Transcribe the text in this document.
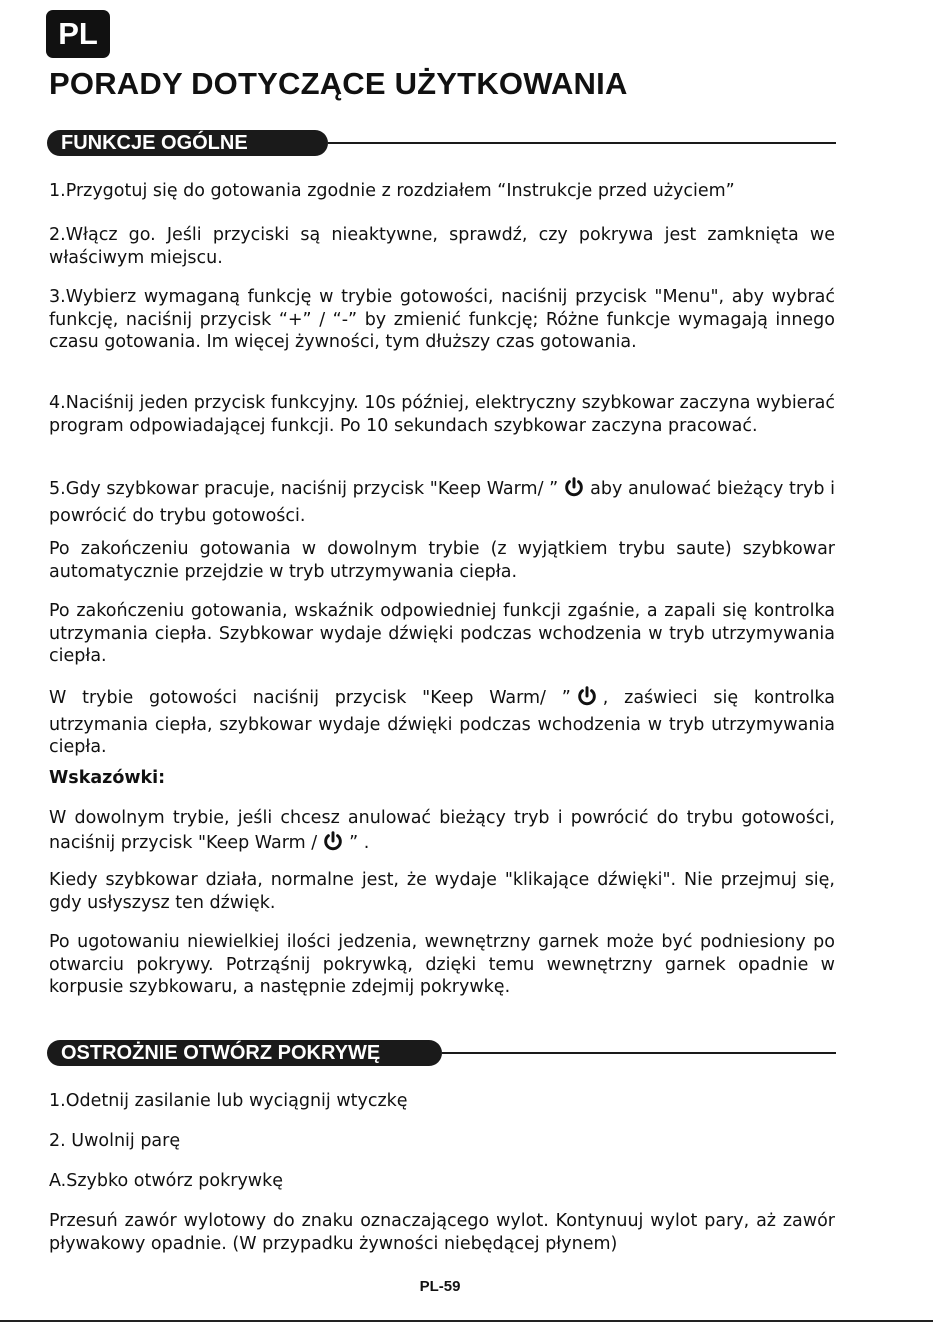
PL
PORADY DOTYCZĄCE UŻYTKOWANIA
FUNKCJE OGÓLNE

1.Przygotuj się do gotowania zgodnie z rozdziałem “Instrukcje przed użyciem”

2.Włącz go. Jeśli przyciski są nieaktywne, sprawdź, czy pokrywa jest zamknięta we właściwym miejscu.

3.Wybierz wymaganą funkcję w trybie gotowości, naciśnij przycisk "Menu", aby wybrać funkcję, naciśnij przycisk “+” / “-” by zmienić funkcję; Różne funkcje wymagają innego czasu gotowania. Im więcej żywności, tym dłuższy czas gotowania.

4.Naciśnij jeden przycisk funkcyjny. 10s później, elektryczny szybkowar zaczyna wybierać program odpowiadającej funkcji. Po 10 sekundach szybkowar zaczyna pracować.

5.Gdy szybkowar pracuje, naciśnij przycisk "Keep Warm/ ” aby anulować bieżący tryb i powrócić do trybu gotowości.

Po zakończeniu gotowania w dowolnym trybie (z wyjątkiem trybu saute) szybkowar automatycznie przejdzie w tryb utrzymywania ciepła.

Po zakończeniu gotowania, wskaźnik odpowiedniej funkcji zgaśnie, a zapali się kontrolka utrzymania ciepła. Szybkowar wydaje dźwięki podczas wchodzenia w tryb utrzymywania ciepła.

W trybie gotowości naciśnij przycisk "Keep Warm/ ” , zaświeci się kontrolka utrzymania ciepła, szybkowar wydaje dźwięki podczas wchodzenia w tryb utrzymywania ciepła.

Wskazówki:

W dowolnym trybie, jeśli chcesz anulować bieżący tryb i powrócić do trybu gotowości, naciśnij przycisk "Keep Warm / ” .

Kiedy szybkowar działa, normalne jest, że wydaje "klikające dźwięki". Nie przejmuj się, gdy usłyszysz ten dźwięk.

Po ugotowaniu niewielkiej ilości jedzenia, wewnętrzny garnek może być podniesiony po otwarciu pokrywy. Potrząśnij pokrywką, dzięki temu wewnętrzny garnek opadnie w korpusie szybkowaru, a następnie zdejmij pokrywkę.

OSTROŻNIE OTWÓRZ POKRYWĘ

1.Odetnij zasilanie lub wyciągnij wtyczkę

2. Uwolnij parę

A.Szybko otwórz pokrywkę

Przesuń zawór wylotowy do znaku oznaczającego wylot. Kontynuuj wylot pary, aż zawór pływakowy opadnie. (W przypadku żywności niebędącej płynem)

PL-59
